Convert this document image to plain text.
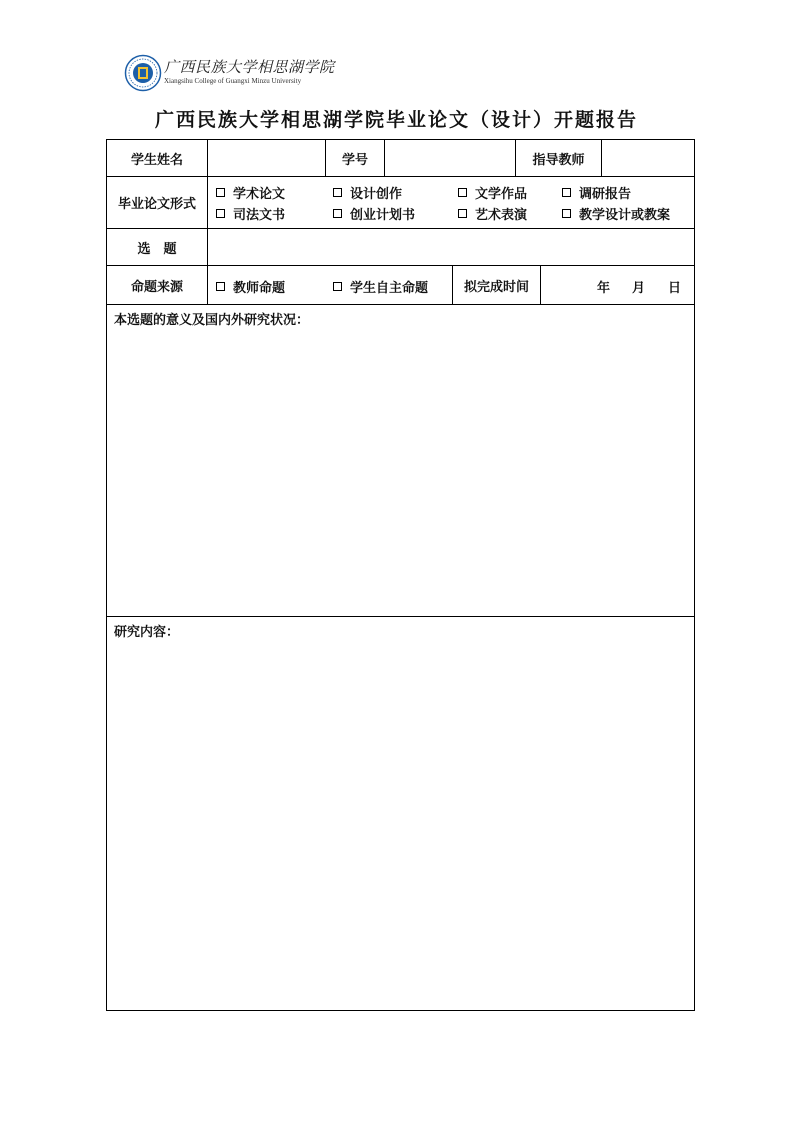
广西民族大学相思湖学院
Xiangsihu College of Guangxi Minzu University
广西民族大学相思湖学院毕业论文（设计）开题报告
学生姓名	学号	指导教师
毕业论文形式
学术论文	设计创作	文学作品	调研报告
司法文书	创业计划书	艺术表演	教学设计或教案
选　题
命题来源	教师命题	学生自主命题	拟完成时间	年 月 日
本选题的意义及国内外研究状况：
研究内容：
